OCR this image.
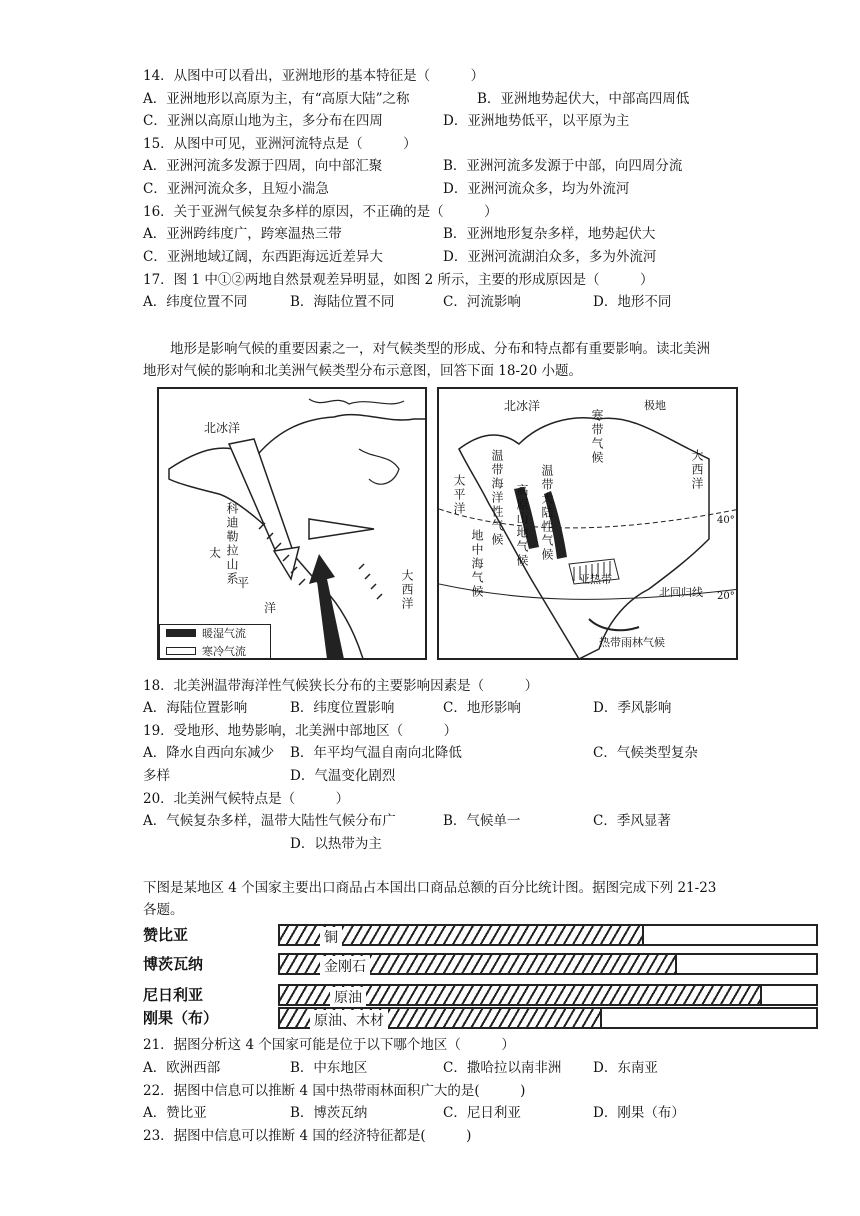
14．从图中可以看出，亚洲地形的基本特征是（　　　）
A．亚洲地形以高原为主，有“高原大陆”之称	B．亚洲地势起伏大，中部高四周低
C．亚洲以高原山地为主，多分布在四周	D．亚洲地势低平，以平原为主
15．从图中可见，亚洲河流特点是（　　　）
A．亚洲河流多发源于四周，向中部汇聚	B．亚洲河流多发源于中部，向四周分流
C．亚洲河流众多，且短小湍急	D．亚洲河流众多，均为外流河
16．关于亚洲气候复杂多样的原因，不正确的是（　　　）
A．亚洲跨纬度广，跨寒温热三带	B．亚洲地形复杂多样，地势起伏大
C．亚洲地域辽阔，东西距海远近差异大	D．亚洲河流湖泊众多，多为外流河
17．图 1 中①②两地自然景观差异明显，如图 2 所示，主要的形成原因是（　　　）
A．纬度位置不同	B．海陆位置不同	C．河流影响	D．地形不同
　　地形是影响气候的重要因素之一，对气候类型的形成、分布和特点都有重要影响。读北美洲地形对气候的影响和北美洲气候类型分布示意图，回答下面 18-20 小题。
北冰洋
科迪勒拉山系
太
平
洋	大西洋
暖湿气流
寒冷气流
北冰洋	极地
寒带气候
温带大陆性气候
温带海洋性气候 高原山地气候
地中海气候	亚热带
热带雨林气候
太平洋
大西洋
北回归线
40°
20°
18．北美洲温带海洋性气候狭长分布的主要影响因素是（　　　）
A．海陆位置影响	B．纬度位置影响	C．地形影响	D．季风影响
19．受地形、地势影响，北美洲中部地区（　　　）
A．降水自西向东减少 B．年平均气温自南向北降低	C．气候类型复杂
多样	D．气温变化剧烈
20．北美洲气候特点是（　　　）
A．气候复杂多样，温带大陆性气候分布广	B．气候单一	C．季风显著
D．以热带为主
下图是某地区 4 个国家主要出口商品占本国出口商品总额的百分比统计图。据图完成下列 21-23 各题。
赞比亚	铜
博茨瓦纳	金刚石
尼日利亚	原油
刚果（布）	原油、木材
21．据图分析这 4 个国家可能是位于以下哪个地区（　　　）
A．欧洲西部	B．中东地区	C．撒哈拉以南非洲 D．东南亚
22．据图中信息可以推断 4 国中热带雨林面积广大的是(　　　)
A．赞比亚	B．博茨瓦纳	C．尼日利亚	D．刚果（布）
23．据图中信息可以推断 4 国的经济特征都是(　　　)
